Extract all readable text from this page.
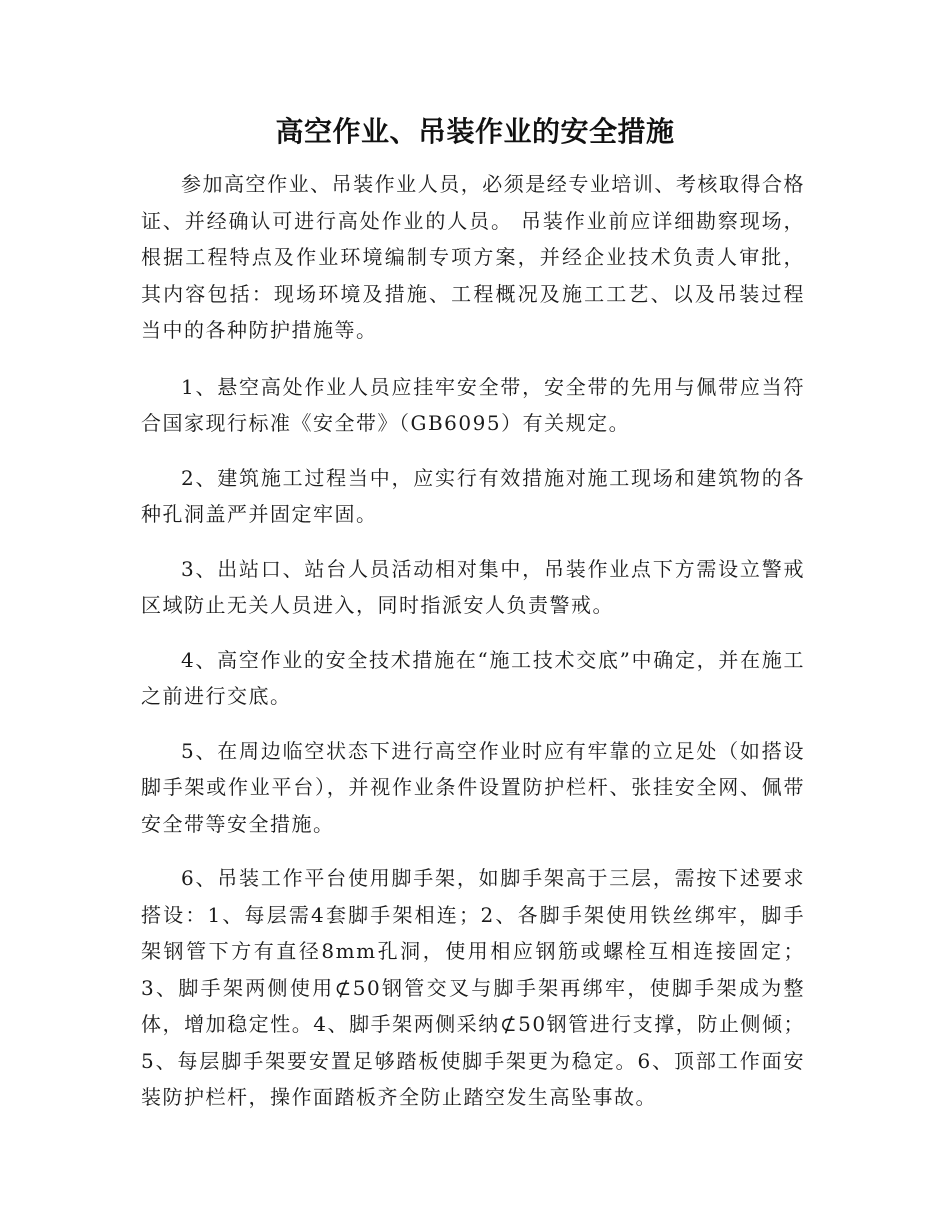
高空作业、吊装作业的安全措施

参加高空作业、吊装作业人员，必须是经专业培训、考核取得合格证、并经确认可进行高处作业的人员。 吊装作业前应详细勘察现场，根据工程特点及作业环境编制专项方案，并经企业技术负责人审批，其内容包括：现场环境及措施、工程概况及施工工艺、以及吊装过程当中的各种防护措施等。

1、悬空高处作业人员应挂牢安全带，安全带的先用与佩带应当符合国家现行标准《安全带》（GB6095）有关规定。

2、建筑施工过程当中，应实行有效措施对施工现场和建筑物的各种孔洞盖严并固定牢固。

3、出站口、站台人员活动相对集中，吊装作业点下方需设立警戒区域防止无关人员进入，同时指派安人负责警戒。

4、高空作业的安全技术措施在“施工技术交底”中确定，并在施工之前进行交底。

5、在周边临空状态下进行高空作业时应有牢靠的立足处（如搭设脚手架或作业平台），并视作业条件设置防护栏杆、张挂安全网、佩带安全带等安全措施。

6、吊装工作平台使用脚手架，如脚手架高于三层，需按下述要求搭设：1、每层需4套脚手架相连；2、各脚手架使用铁丝绑牢，脚手架钢管下方有直径8mm孔洞，使用相应钢筋或螺栓互相连接固定；3、脚手架两侧使用⊄50钢管交叉与脚手架再绑牢，使脚手架成为整体，增加稳定性。4、脚手架两侧采纳⊄50钢管进行支撑，防止侧倾；5、每层脚手架要安置足够踏板使脚手架更为稳定。6、顶部工作面安装防护栏杆，操作面踏板齐全防止踏空发生高坠事故。
